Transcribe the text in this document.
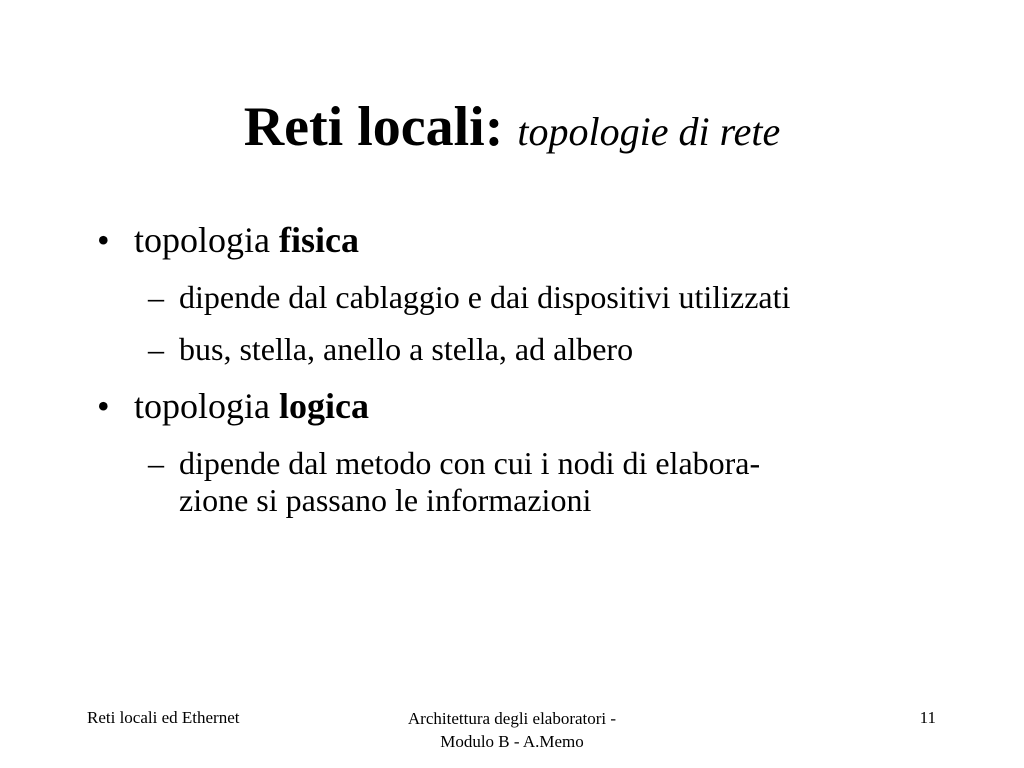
Reti locali: topologie di rete
• topologia fisica
– dipende dal cablaggio e dai dispositivi utilizzati
– bus, stella, anello a stella, ad albero
• topologia logica
– dipende dal metodo con cui i nodi di elabora-
zione si passano le informazioni
Reti locali ed Ethernet	Architettura degli elaboratori -
Modulo B - A.Memo
11
